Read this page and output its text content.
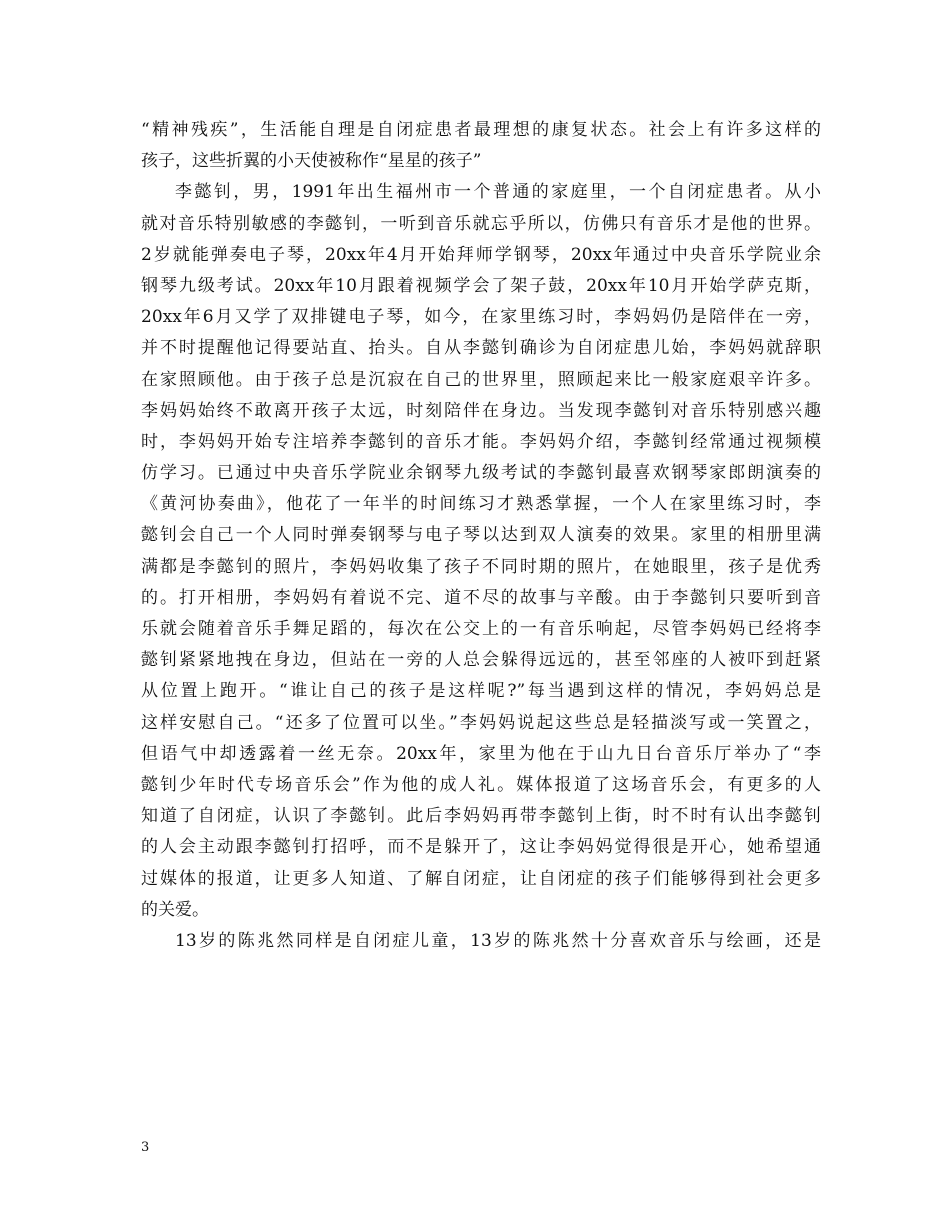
“精神残疾”，生活能自理是自闭症患者最理想的康复状态。社会上有许多这样的
孩子，这些折翼的小天使被称作“星星的孩子”
李懿钊，男，1991年出生福州市一个普通的家庭里，一个自闭症患者。从小
就对音乐特别敏感的李懿钊，一听到音乐就忘乎所以，仿佛只有音乐才是他的世界。
2岁就能弹奏电子琴，20xx年4月开始拜师学钢琴，20xx年通过中央音乐学院业余
钢琴九级考试。20xx年10月跟着视频学会了架子鼓，20xx年10月开始学萨克斯，
20xx年6月又学了双排键电子琴，如今，在家里练习时，李妈妈仍是陪伴在一旁，
并不时提醒他记得要站直、抬头。自从李懿钊确诊为自闭症患儿始，李妈妈就辞职
在家照顾他。由于孩子总是沉寂在自己的世界里，照顾起来比一般家庭艰辛许多。
李妈妈始终不敢离开孩子太远，时刻陪伴在身边。当发现李懿钊对音乐特别感兴趣
时，李妈妈开始专注培养李懿钊的音乐才能。李妈妈介绍，李懿钊经常通过视频模
仿学习。已通过中央音乐学院业余钢琴九级考试的李懿钊最喜欢钢琴家郎朗演奏的
《黄河协奏曲》，他花了一年半的时间练习才熟悉掌握，一个人在家里练习时，李
懿钊会自己一个人同时弹奏钢琴与电子琴以达到双人演奏的效果。家里的相册里满
满都是李懿钊的照片，李妈妈收集了孩子不同时期的照片，在她眼里，孩子是优秀
的。打开相册，李妈妈有着说不完、道不尽的故事与辛酸。由于李懿钊只要听到音
乐就会随着音乐手舞足蹈的，每次在公交上的一有音乐响起，尽管李妈妈已经将李
懿钊紧紧地拽在身边，但站在一旁的人总会躲得远远的，甚至邻座的人被吓到赶紧
从位置上跑开。“谁让自己的孩子是这样呢?”每当遇到这样的情况，李妈妈总是
这样安慰自己。“还多了位置可以坐。”李妈妈说起这些总是轻描淡写或一笑置之，
但语气中却透露着一丝无奈。20xx年，家里为他在于山九日台音乐厅举办了“李
懿钊少年时代专场音乐会”作为他的成人礼。媒体报道了这场音乐会，有更多的人
知道了自闭症，认识了李懿钊。此后李妈妈再带李懿钊上街，时不时有认出李懿钊
的人会主动跟李懿钊打招呼，而不是躲开了，这让李妈妈觉得很是开心，她希望通
过媒体的报道，让更多人知道、了解自闭症，让自闭症的孩子们能够得到社会更多
的关爱。
13岁的陈兆然同样是自闭症儿童，13岁的陈兆然十分喜欢音乐与绘画，还是
3
